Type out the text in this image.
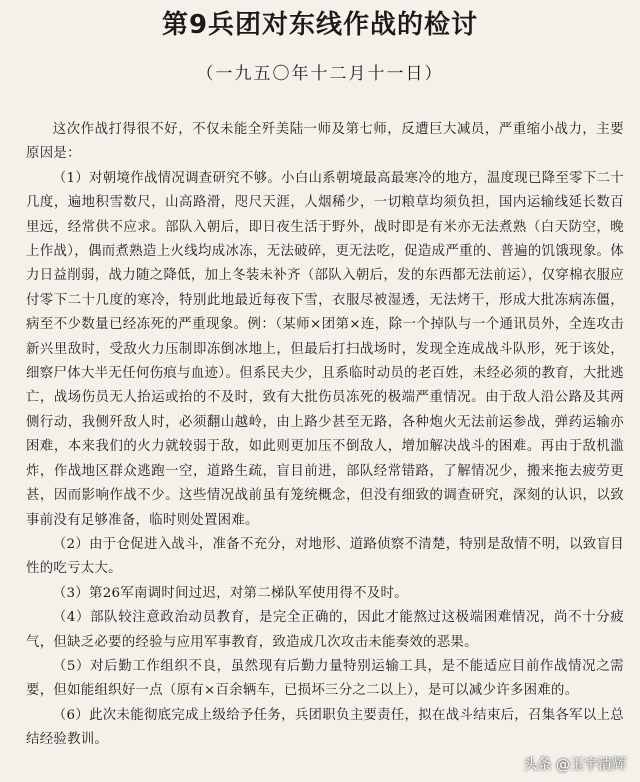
第9兵团对东线作战的检讨
（一九五〇年十二月十一日）

这次作战打得很不好，不仅未能全歼美陆一师及第七师，反遭巨大减员，严重缩小战力，主要原因是：

（1）对朝境作战情况调查研究不够。小白山系朝境最高最寒冷的地方，温度现已降至零下二十几度，遍地积雪数尺，山高路滑，咫尺天涯，人烟稀少，一切粮草均须负担，国内运输线延长数百里远，经常供不应求。部队入朝后，即日夜生活于野外，战时即是有米亦无法煮熟（白天防空，晚上作战），偶而煮熟造上火线均成冰冻，无法破碎，更无法吃，促造成严重的、普遍的饥饿现象。体力日益削弱，战力随之降低，加上冬装未补齐（部队入朝后，发的东西都无法前运），仅穿棉衣服应付零下二十几度的寒冷，特别此地最近每夜下雪，衣服尽被湿透，无法烤干，形成大批冻病冻僵，病至不少数量已经冻死的严重现象。例：（某师×团第×连，除一个掉队与一个通讯员外，全连攻击新兴里敌时，受敌火力压制即冻倒冰地上，但最后打扫战场时，发现全连成战斗队形，死于该处，细察尸体大半无任何伤痕与血迹）。但系民夫少，且系临时动员的老百姓，未经必须的教育，大批逃亡，战场伤员无人抬运或抬的不及时，致有大批伤员冻死的极端严重情况。由于敌人沿公路及其两侧行动，我侧歼敌人时，必须翻山越岭，由上路少甚至无路，各种炮火无法前运参战，弹药运输亦困难，本来我们的火力就较弱于敌，如此则更加压不倒敌人，增加解决战斗的困难。再由于敌机滥炸，作战地区群众逃跑一空，道路生疏，盲目前进，部队经常错路，了解情况少，搬来拖去疲劳更甚，因而影响作战不少。这些情况战前虽有笼统概念，但没有细致的调查研究，深刻的认识，以致事前没有足够准备，临时则处置困难。

（2）由于仓促进入战斗，准备不充分，对地形、道路侦察不清楚，特别是敌情不明，以致盲目性的吃亏太大。

（3）第26军南调时间过迟，对第二梯队军使用得不及时。

（4）部队较注意政治动员教育，是完全正确的，因此才能熬过这极端困难情况，尚不十分疲气，但缺乏必要的经验与应用军事教育，致造成几次攻击未能奏效的恶果。

（5）对后勤工作组织不良，虽然现有后勤力量特别运输工具，是不能适应目前作战情况之需要，但如能组织好一点（原有×百余辆车，已损坏三分之二以上），是可以减少许多困难的。

（6）此次未能彻底完成上级给予任务，兵团职负主要责任，拟在战斗结束后，召集各军以上总结经验教训。

头条 @玉宇清辉
